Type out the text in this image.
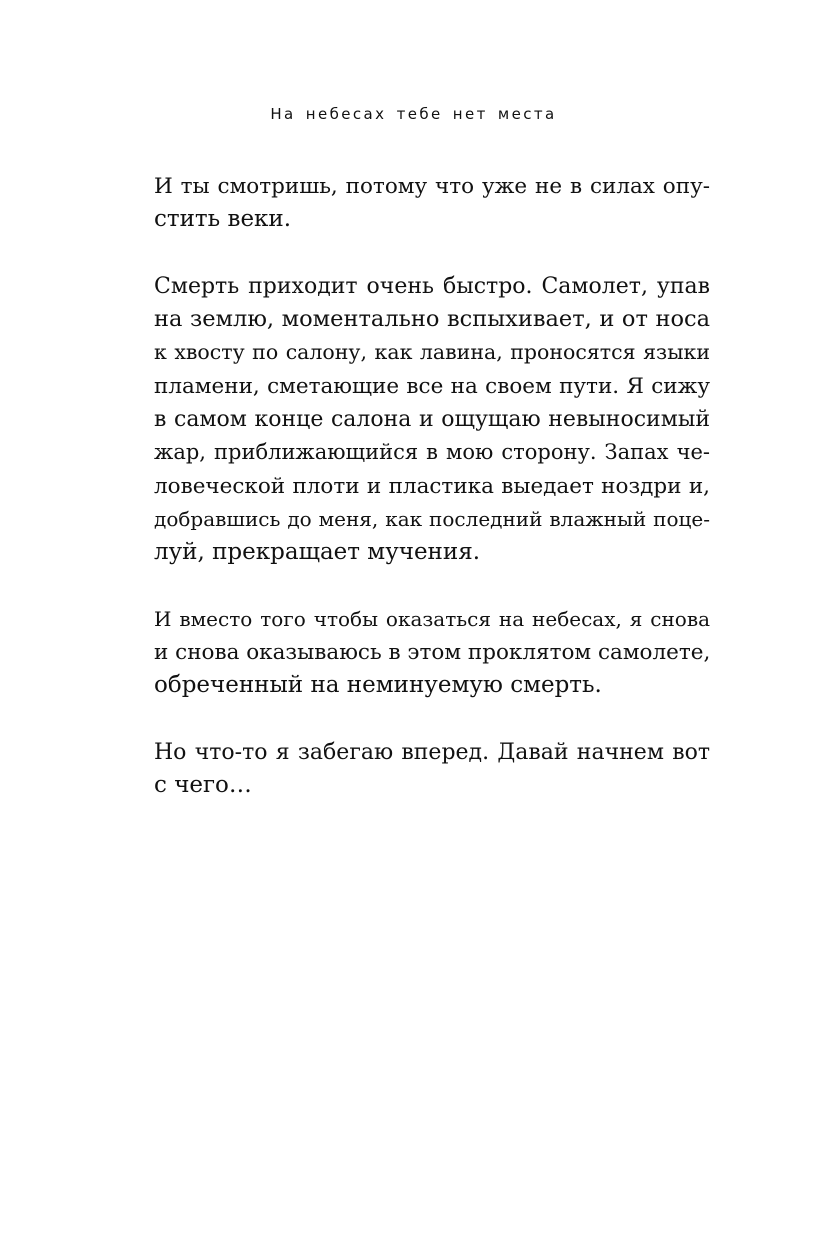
На небесах тебе нет места
И ты смотришь, потому что уже не в силах опу-
стить веки.
Смерть приходит очень быстро. Самолет, упав
на землю, моментально вспыхивает, и от носа
к хвосту по салону, как лавина, проносятся языки
пламени, сметающие все на своем пути. Я сижу
в самом конце салона и ощущаю невыносимый
жар, приближающийся в мою сторону. Запах че-
ловеческой плоти и пластика выедает ноздри и,
добравшись до меня, как последний влажный поце-
луй, прекращает мучения.
И вместо того чтобы оказаться на небесах, я снова
и снова оказываюсь в этом проклятом самолете,
обреченный на неминуемую смерть.
Но что-то я забегаю вперед. Давай начнем вот
с чего…
